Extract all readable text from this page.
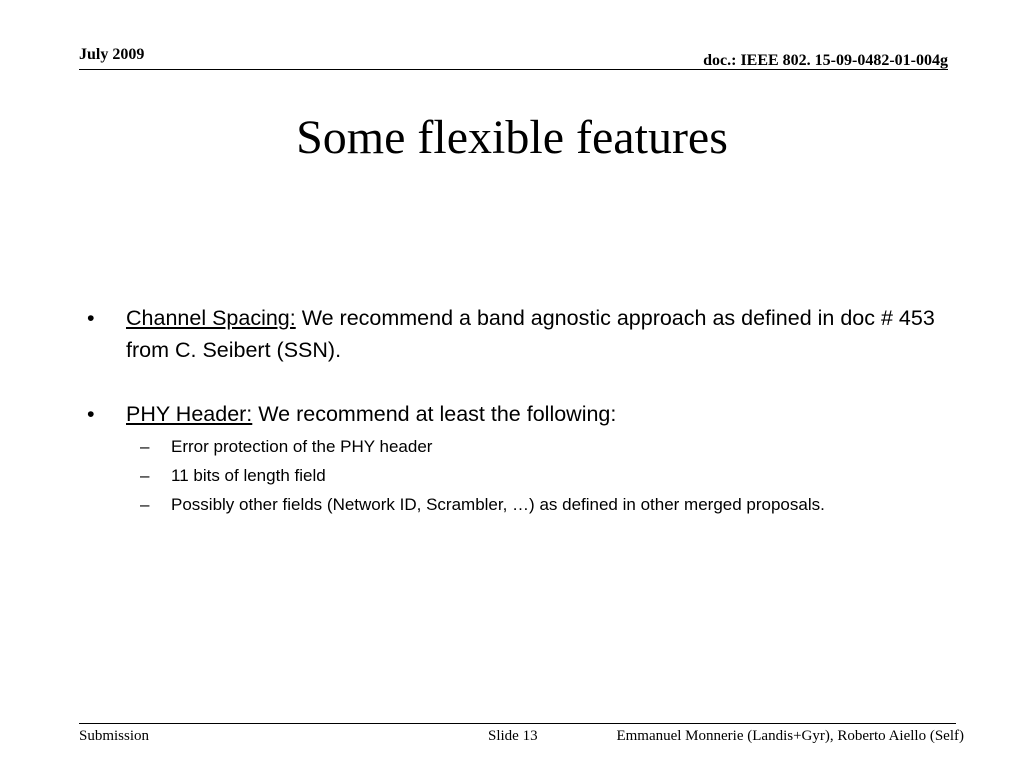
July 2009	doc.: IEEE 802. 15-09-0482-01-004g
Some flexible features
• Channel Spacing: We recommend a band agnostic approach as defined in doc # 453 from C. Seibert (SSN).
• PHY Header: We recommend at least the following:
– Error protection of the PHY header
– 11 bits of length field
– Possibly other fields (Network ID, Scrambler, …) as defined in other merged proposals.
Submission	Slide 13	Emmanuel Monnerie (Landis+Gyr), Roberto Aiello (Self)
